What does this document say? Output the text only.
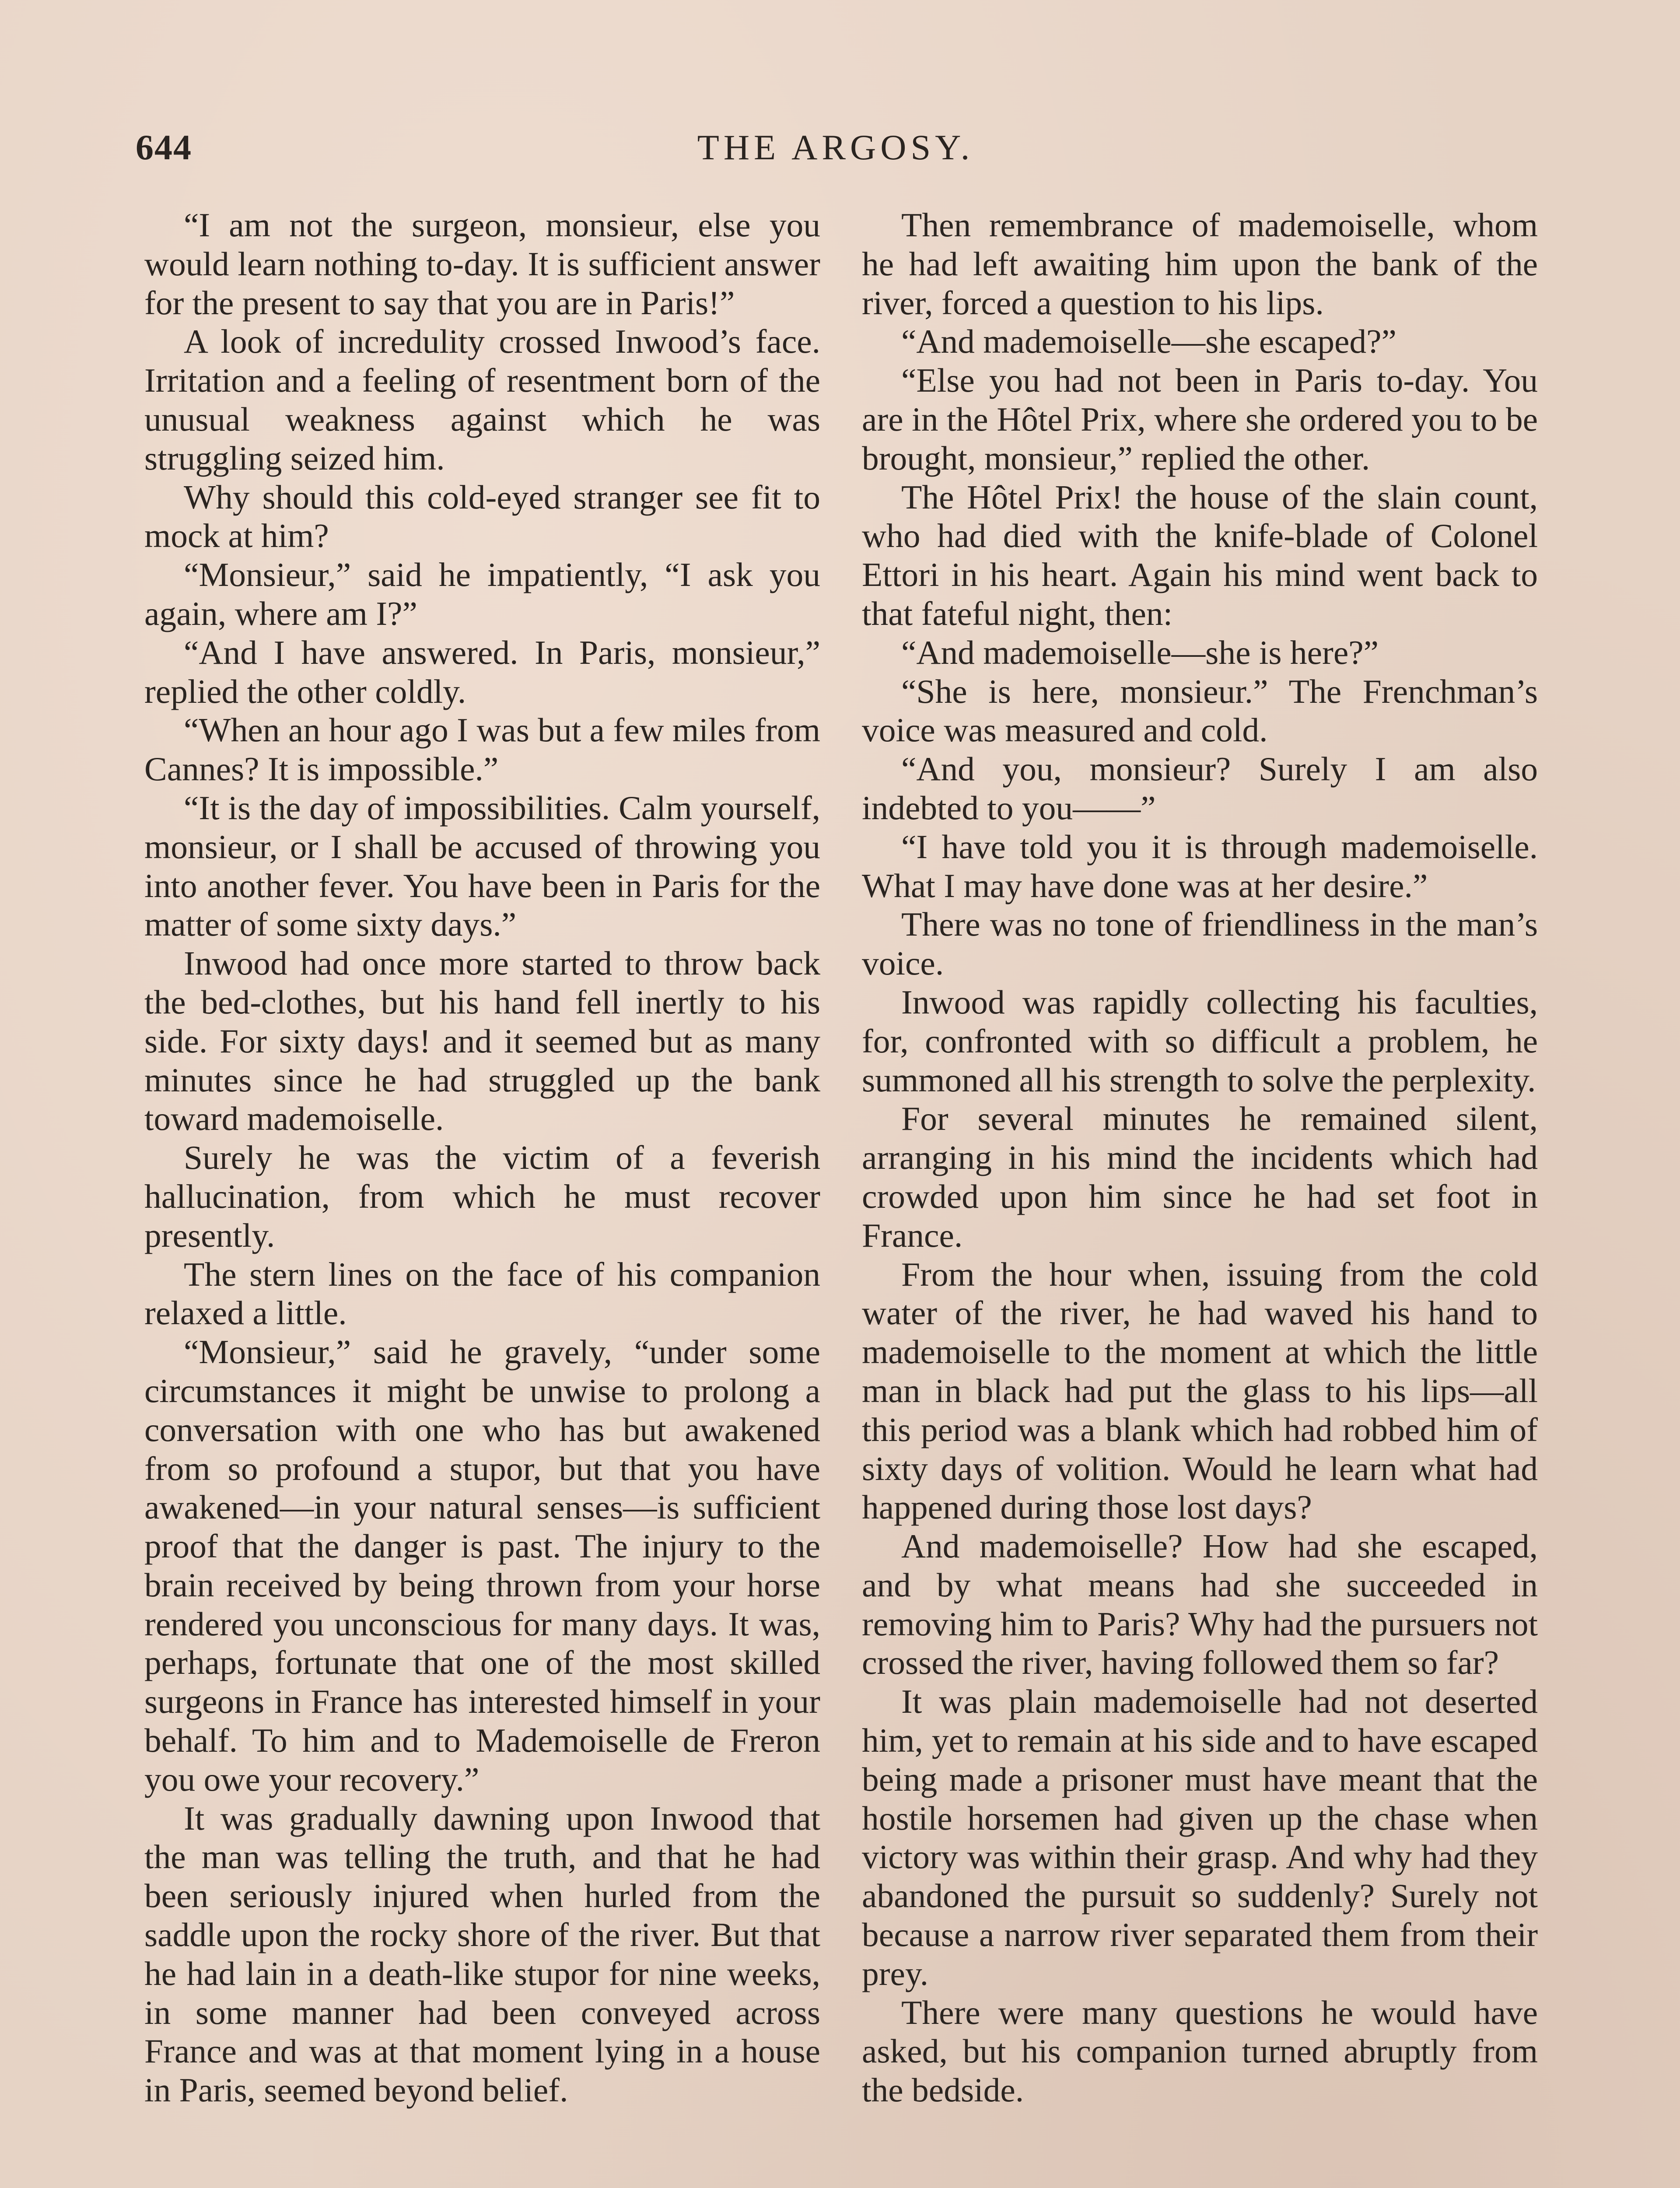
644	THE ARGOSY.

“I am not the surgeon, monsieur, else you would learn nothing to-day. It is sufficient answer for the present to say that you are in Paris!”

A look of incredulity crossed Inwood’s face. Irritation and a feeling of resentment born of the unusual weakness against which he was struggling seized him.

Why should this cold-eyed stranger see fit to mock at him?

“Monsieur,” said he impatiently, “I ask you again, where am I?”

“And I have answered. In Paris, monsieur,” replied the other coldly.

“When an hour ago I was but a few miles from Cannes? It is impossible.”

“It is the day of impossibilities. Calm yourself, monsieur, or I shall be accused of throwing you into another fever. You have been in Paris for the matter of some sixty days.”

Inwood had once more started to throw back the bed-clothes, but his hand fell inertly to his side. For sixty days! and it seemed but as many minutes since he had struggled up the bank toward mademoiselle.

Surely he was the victim of a feverish hallucination, from which he must recover presently.

The stern lines on the face of his companion relaxed a little.

“Monsieur,” said he gravely, “under some circumstances it might be unwise to prolong a conversation with one who has but awakened from so profound a stupor, but that you have awakened—in your natural senses—is sufficient proof that the danger is past. The injury to the brain received by being thrown from your horse rendered you unconscious for many days. It was, perhaps, fortunate that one of the most skilled surgeons in France has interested himself in your behalf. To him and to Mademoiselle de Freron you owe your recovery.”

It was gradually dawning upon Inwood that the man was telling the truth, and that he had been seriously injured when hurled from the saddle upon the rocky shore of the river. But that he had lain in a death-like stupor for nine weeks, in some manner had been conveyed across France and was at that moment lying in a house in Paris, seemed beyond belief.

Then remembrance of mademoiselle, whom he had left awaiting him upon the bank of the river, forced a question to his lips.

“And mademoiselle—she escaped?”

“Else you had not been in Paris to-day. You are in the Hôtel Prix, where she ordered you to be brought, monsieur,” replied the other.

The Hôtel Prix! the house of the slain count, who had died with the knife-blade of Colonel Ettori in his heart. Again his mind went back to that fateful night, then:

“And mademoiselle—she is here?”

“She is here, monsieur.” The Frenchman’s voice was measured and cold.

“And you, monsieur? Surely I am also indebted to you——”

“I have told you it is through mademoiselle. What I may have done was at her desire.”

There was no tone of friendliness in the man’s voice.

Inwood was rapidly collecting his faculties, for, confronted with so difficult a problem, he summoned all his strength to solve the perplexity.

For several minutes he remained silent, arranging in his mind the incidents which had crowded upon him since he had set foot in France.

From the hour when, issuing from the cold water of the river, he had waved his hand to mademoiselle to the moment at which the little man in black had put the glass to his lips—all this period was a blank which had robbed him of sixty days of volition. Would he learn what had happened during those lost days?

And mademoiselle? How had she escaped, and by what means had she succeeded in removing him to Paris? Why had the pursuers not crossed the river, having followed them so far?

It was plain mademoiselle had not deserted him, yet to remain at his side and to have escaped being made a prisoner must have meant that the hostile horsemen had given up the chase when victory was within their grasp. And why had they abandoned the pursuit so suddenly? Surely not because a narrow river separated them from their prey.

There were many questions he would have asked, but his companion turned abruptly from the bedside.
